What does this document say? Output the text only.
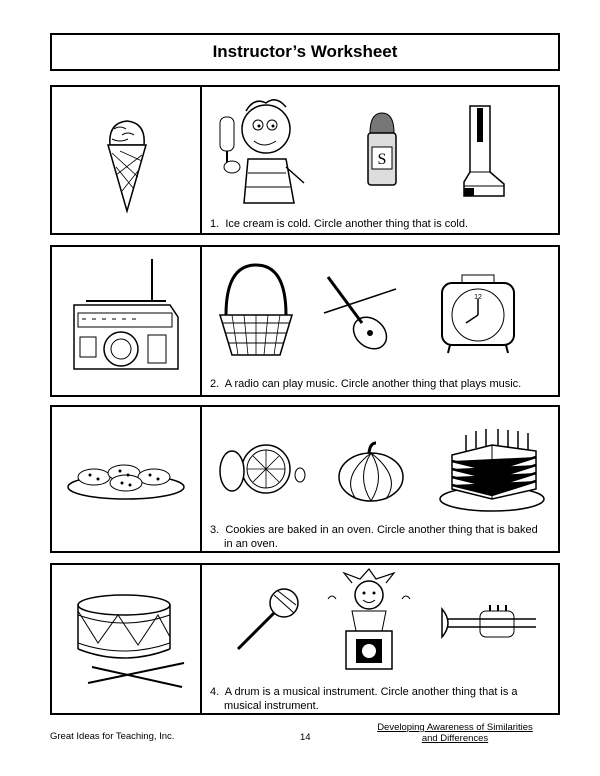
Instructor’s Worksheet
S
1. Ice cream is cold. Circle another thing that is cold.
12
2. A radio can play music. Circle another thing that plays music.
3. Cookies are baked in an oven. Circle another thing that is baked
in an oven.
4. A drum is a musical instrument. Circle another thing that is a
musical instrument.
Great Ideas for Teaching, Inc.	14
Developing Awareness of Similarities
and Differences
